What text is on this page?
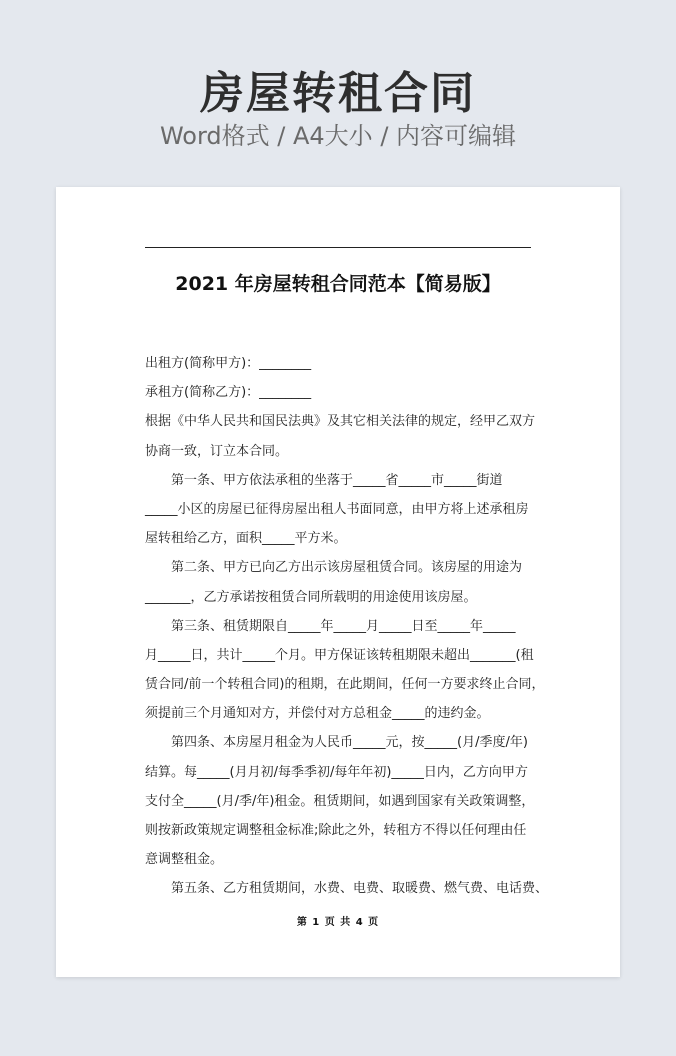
房屋转租合同
Word格式 / A4大小 / 内容可编辑
2021 年房屋转租合同范本【简易版】
出租方(简称甲方)：________
承租方(简称乙方)：________
根据《中华人民共和国民法典》及其它相关法律的规定，经甲乙双方
协商一致，订立本合同。
第一条、甲方依法承租的坐落于_____省_____市_____街道
_____小区的房屋已征得房屋出租人书面同意，由甲方将上述承租房
屋转租给乙方，面积_____平方米。
第二条、甲方已向乙方出示该房屋租赁合同。该房屋的用途为
_______，乙方承诺按租赁合同所载明的用途使用该房屋。
第三条、租赁期限自_____年_____月_____日至_____年_____
月_____日，共计_____个月。甲方保证该转租期限未超出_______(租
赁合同/前一个转租合同)的租期，在此期间，任何一方要求终止合同，
须提前三个月通知对方，并偿付对方总租金_____的违约金。
第四条、本房屋月租金为人民币_____元，按_____(月/季度/年)
结算。每_____(月月初/每季季初/每年年初)_____日内，乙方向甲方
支付全_____(月/季/年)租金。租赁期间，如遇到国家有关政策调整，
则按新政策规定调整租金标准;除此之外，转租方不得以任何理由任
意调整租金。
第五条、乙方租赁期间，水费、电费、取暖费、燃气费、电话费、
第 1 页 共 4 页
